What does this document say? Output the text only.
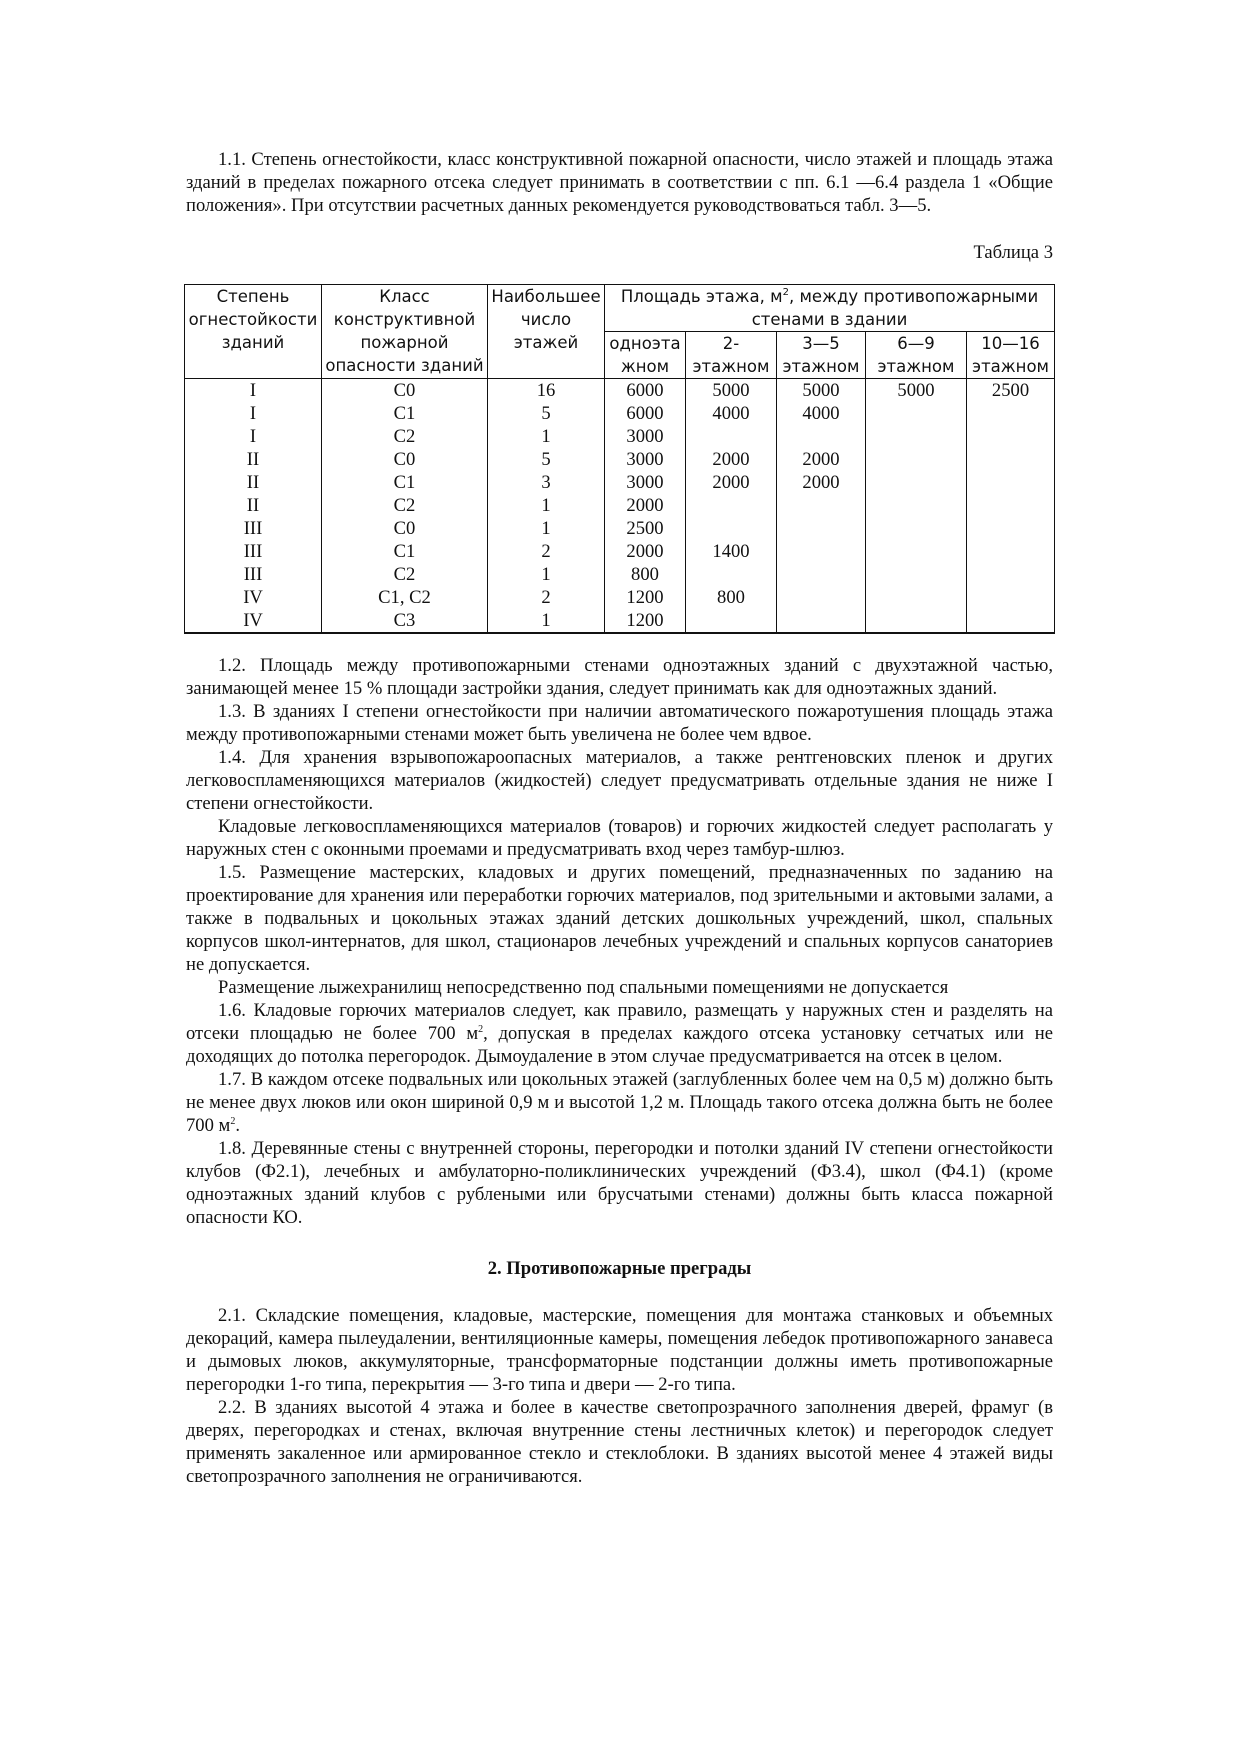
1.1. Степень огнестойкости, класс конструктивной пожарной опасности, число этажей и площадь этажа зданий в пределах пожарного отсека следует принимать в соответствии с пп. 6.1 —6.4 раздела 1 «Общие положения». При отсутствии расчетных данных рекомендуется руководствоваться табл. 3—5.

Таблица 3

Степень огнестойкости зданий	Класс конструктивной пожарной опасности зданий	Наибольшее число этажей	Площадь этажа, $м^2$, между противопожарными стенами в здании				
			одноэта жном	2- этажном	3—5 этажном	6—9 этажном	10—16 этажном
I	С0	16	6000	5000	5000	5000	2500
I	С1	5	6000	4000	4000		
I	С2	1	3000				
II	С0	5	3000	2000	2000		
II	С1	3	3000	2000	2000		
II	С2	1	2000				
III	С0	1	2500				
III	С1	2	2000	1400			
III	С2	1	800				
IV	С1, С2	2	1200	800			
IV	С3	1	1200				

1.2. Площадь между противопожарными стенами одноэтажных зданий с двухэтажной частью, занимающей менее 15 % площади застройки здания, следует принимать как для одноэтажных зданий.

1.3. В зданиях I степени огнестойкости при наличии автоматического пожаротушения площадь этажа между противопожарными стенами может быть увеличена не более чем вдвое.

1.4. Для хранения взрывопожароопасных материалов, а также рентгеновских пленок и других легковоспламеняющихся материалов (жидкостей) следует предусматривать отдельные здания не ниже I степени огнестойкости.

Кладовые легковоспламеняющихся материалов (товаров) и горючих жидкостей следует располагать у наружных стен с оконными проемами и предусматривать вход через тамбур-шлюз.

1.5. Размещение мастерских, кладовых и других помещений, предназначенных по заданию на проектирование для хранения или переработки горючих материалов, под зрительными и актовыми залами, а также в подвальных и цокольных этажах зданий детских дошкольных учреждений, школ, спальных корпусов школ-интернатов, для школ, стационаров лечебных учреждений и спальных корпусов санаториев не допускается.

Размещение лыжехранилищ непосредственно под спальными помещениями не допускается

1.6. Кладовые горючих материалов следует, как правило, размещать у наружных стен и разделять на отсеки площадью не более 700 $м^2$, допуская в пределах каждого отсека установку сетчатых или не доходящих до потолка перегородок. Дымоудаление в этом случае предусматривается на отсек в целом.

1.7. В каждом отсеке подвальных или цокольных этажей (заглубленных более чем на 0,5 м) должно быть не менее двух люков или окон шириной 0,9 м и высотой 1,2 м. Площадь такого отсека должна быть не более 700 $м^2$.

1.8. Деревянные стены с внутренней стороны, перегородки и потолки зданий IV степени огнестойкости клубов (Ф2.1), лечебных и амбулаторно-поликлинических учреждений (Ф3.4), школ (Ф4.1) (кроме одноэтажных зданий клубов с рублеными или брусчатыми стенами) должны быть класса пожарной опасности КО.

2. Противопожарные преграды

2.1. Складские помещения, кладовые, мастерские, помещения для монтажа станковых и объемных декораций, камера пылеудалении, вентиляционные камеры, помещения лебедок противопожарного занавеса и дымовых люков, аккумуляторные, трансформаторные подстанции должны иметь противопожарные перегородки 1-го типа, перекрытия — 3-го типа и двери — 2-го типа.

2.2. В зданиях высотой 4 этажа и более в качестве светопрозрачного заполнения дверей, фрамуг (в дверях, перегородках и стенах, включая внутренние стены лестничных клеток) и перегородок следует применять закаленное или армированное стекло и стеклоблоки. В зданиях высотой менее 4 этажей виды светопрозрачного заполнения не ограничиваются.
